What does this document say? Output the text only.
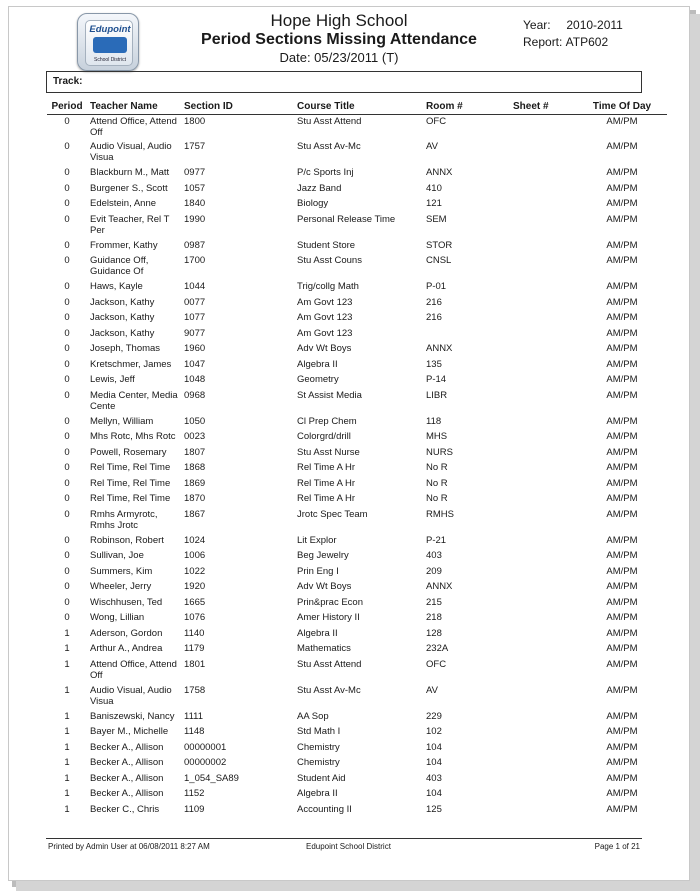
Edupoint
School District
Hope High School
Period Sections Missing Attendance
Date: 05/23/2011 (T)
Year: 2010-2011
Report: ATP602
Track:
Period	Teacher Name	Section ID	Course Title	Room #	Sheet #	Time Of Day
0	Attend Office, Attend Off	1800	Stu Asst Attend	OFC		AM/PM
0	Audio Visual, Audio Visua	1757	Stu Asst Av-Mc	AV		AM/PM
0	Blackburn M., Matt	0977	P/c Sports Inj	ANNX		AM/PM
0	Burgener S., Scott	1057	Jazz Band	410		AM/PM
0	Edelstein, Anne	1840	Biology	121		AM/PM
0	Evit Teacher, Rel T Per	1990	Personal Release Time	SEM		AM/PM
0	Frommer, Kathy	0987	Student Store	STOR		AM/PM
0	Guidance Off, Guidance Of	1700	Stu Asst Couns	CNSL		AM/PM
0	Haws, Kayle	1044	Trig/collg Math	P-01		AM/PM
0	Jackson, Kathy	0077	Am Govt 123	216		AM/PM
0	Jackson, Kathy	1077	Am Govt 123	216		AM/PM
0	Jackson, Kathy	9077	Am Govt 123			AM/PM
0	Joseph, Thomas	1960	Adv Wt Boys	ANNX		AM/PM
0	Kretschmer, James	1047	Algebra II	135		AM/PM
0	Lewis, Jeff	1048	Geometry	P-14		AM/PM
0	Media Center, Media Cente	0968	St Assist Media	LIBR		AM/PM
0	Mellyn, William	1050	Cl Prep Chem	118		AM/PM
0	Mhs Rotc, Mhs Rotc	0023	Colorgrd/drill	MHS		AM/PM
0	Powell, Rosemary	1807	Stu Asst Nurse	NURS		AM/PM
0	Rel Time, Rel Time	1868	Rel Time A Hr	No R		AM/PM
0	Rel Time, Rel Time	1869	Rel Time A Hr	No R		AM/PM
0	Rel Time, Rel Time	1870	Rel Time A Hr	No R		AM/PM
0	Rmhs Armyrotc, Rmhs Jrotc	1867	Jrotc Spec Team	RMHS		AM/PM
0	Robinson, Robert	1024	Lit Explor	P-21		AM/PM
0	Sullivan, Joe	1006	Beg Jewelry	403		AM/PM
0	Summers, Kim	1022	Prin Eng I	209		AM/PM
0	Wheeler, Jerry	1920	Adv Wt Boys	ANNX		AM/PM
0	Wischhusen, Ted	1665	Prin&prac Econ	215		AM/PM
0	Wong, Lillian	1076	Amer History II	218		AM/PM
1	Aderson, Gordon	1140	Algebra II	128		AM/PM
1	Arthur A., Andrea	1179	Mathematics	232A		AM/PM
1	Attend Office, Attend Off	1801	Stu Asst Attend	OFC		AM/PM
1	Audio Visual, Audio Visua	1758	Stu Asst Av-Mc	AV		AM/PM
1	Baniszewski, Nancy	1111	AA Sop	229		AM/PM
1	Bayer M., Michelle	1148	Std Math I	102		AM/PM
1	Becker A., Allison	00000001	Chemistry	104		AM/PM
1	Becker A., Allison	00000002	Chemistry	104		AM/PM
1	Becker A., Allison	1_054_SA89	Student Aid	403		AM/PM
1	Becker A., Allison	1152	Algebra II	104		AM/PM
1	Becker C., Chris	1109	Accounting II	125		AM/PM
Printed by Admin User at 06/08/2011 8:27 AM	Edupoint School District	Page 1 of 21
